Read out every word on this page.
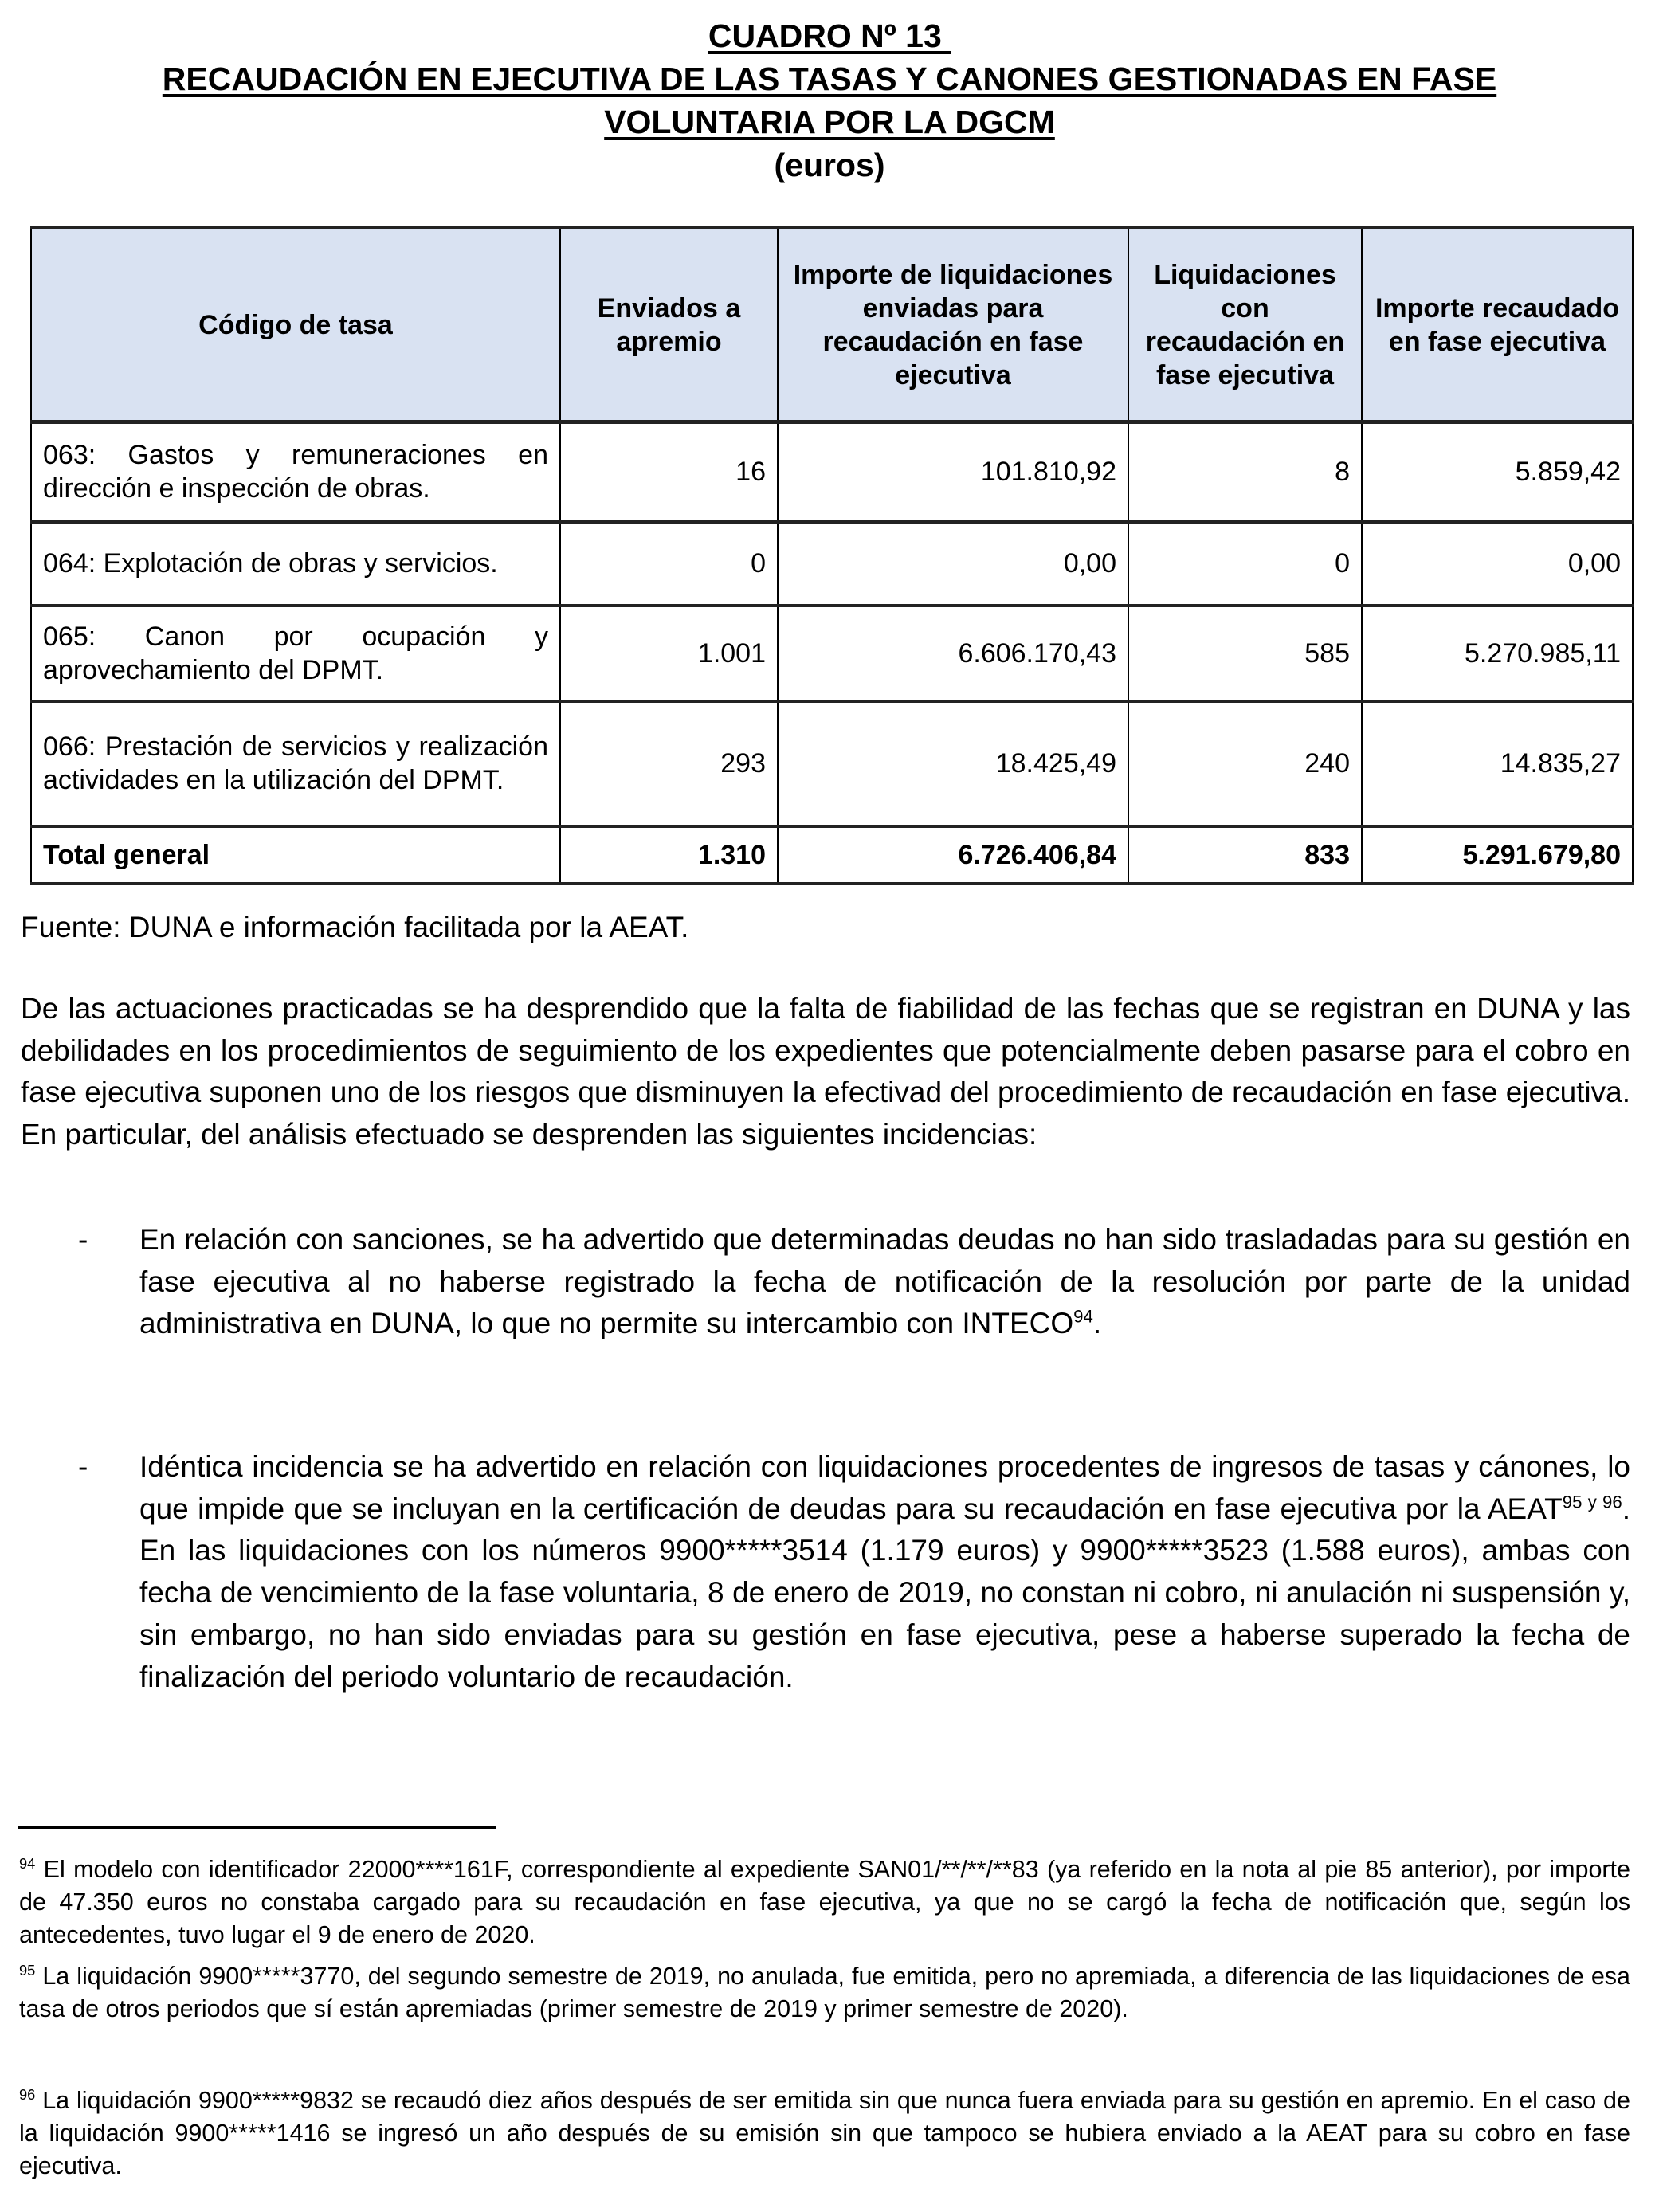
CUADRO Nº 13
RECAUDACIÓN EN EJECUTIVA DE LAS TASAS Y CANONES GESTIONADAS EN FASE
VOLUNTARIA POR LA DGCM
(euros)
Código de tasa	Enviados a apremio	Importe de liquidaciones enviadas para recaudación en fase ejecutiva	Liquidaciones con recaudación en fase ejecutiva	Importe recaudado en fase ejecutiva
063: Gastos y remuneraciones en dirección e inspección de obras.	16	101.810,92	8	5.859,42
064: Explotación de obras y servicios.	0	0,00	0	0,00
065: Canon por ocupación y aprovechamiento del DPMT.	1.001	6.606.170,43	585	5.270.985,11
066: Prestación de servicios y realización actividades en la utilización del DPMT.	293	18.425,49	240	14.835,27
Total general	1.310	6.726.406,84	833	5.291.679,80
Fuente: DUNA e información facilitada por la AEAT.

De las actuaciones practicadas se ha desprendido que la falta de fiabilidad de las fechas que se registran en DUNA y las debilidades en los procedimientos de seguimiento de los expedientes que potencialmente deben pasarse para el cobro en fase ejecutiva suponen uno de los riesgos que disminuyen la efectivad del procedimiento de recaudación en fase ejecutiva. En particular, del análisis efectuado se desprenden las siguientes incidencias:

- En relación con sanciones, se ha advertido que determinadas deudas no han sido trasladadas para su gestión en fase ejecutiva al no haberse registrado la fecha de notificación de la resolución por parte de la unidad administrativa en DUNA, lo que no permite su intercambio con INTECO$^{94}$.
- Idéntica incidencia se ha advertido en relación con liquidaciones procedentes de ingresos de tasas y cánones, lo que impide que se incluyan en la certificación de deudas para su recaudación en fase ejecutiva por la $AEAT^{95 y 96}$. En las liquidaciones con los números 9900*****3514 (1.179 euros) y 9900*****3523 (1.588 euros), ambas con fecha de vencimiento de la fase voluntaria, 8 de enero de 2019, no constan ni cobro, ni anulación ni suspensión y, sin embargo, no han sido enviadas para su gestión en fase ejecutiva, pese a haberse superado la fecha de finalización del periodo voluntario de recaudación.

$^{94}$ El modelo con identificador 22000****161F, correspondiente al expediente SAN01/**/**/**83 (ya referido en la nota al pie 85 anterior), por importe de 47.350 euros no constaba cargado para su recaudación en fase ejecutiva, ya que no se cargó la fecha de notificación que, según los antecedentes, tuvo lugar el 9 de enero de 2020.

$^{95}$ La liquidación 9900*****3770, del segundo semestre de 2019, no anulada, fue emitida, pero no apremiada, a diferencia de las liquidaciones de esa tasa de otros periodos que sí están apremiadas (primer semestre de 2019 y primer semestre de 2020).

$^{96}$ La liquidación 9900*****9832 se recaudó diez años después de ser emitida sin que nunca fuera enviada para su gestión en apremio. En el caso de la liquidación 9900*****1416 se ingresó un año después de su emisión sin que tampoco se hubiera enviado a la AEAT para su cobro en fase ejecutiva.
